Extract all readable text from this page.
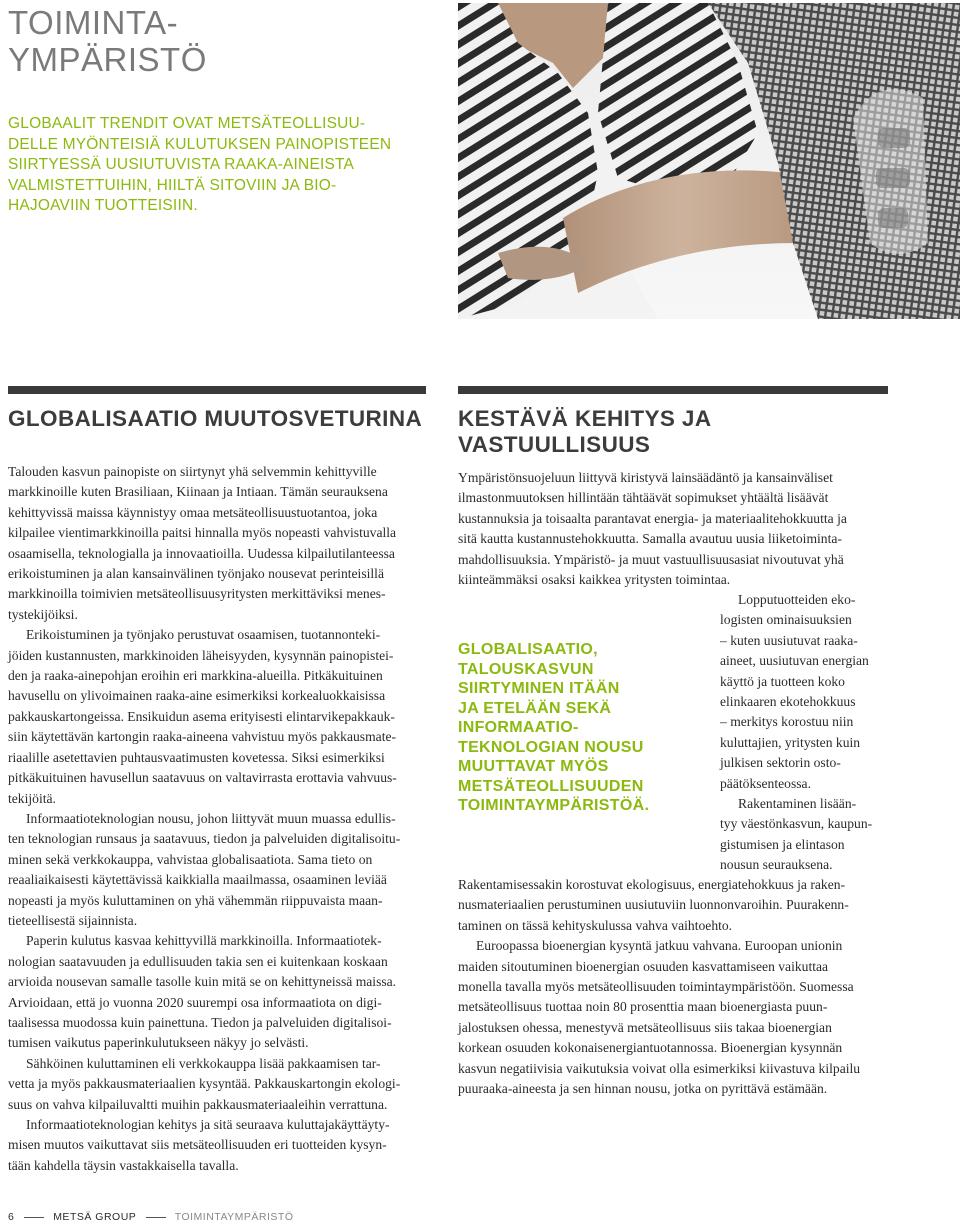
TOIMINTA-
YMPÄRISTÖ

GLOBAALIT TRENDIT OVAT METSÄTEOLLISUU-
DELLE MYÖNTEISIÄ KULUTUKSEN PAINOPISTEEN
SIIRTYESSÄ UUSIUTUVISTA RAAKA-AINEISTA
VALMISTETTUIHIN, HIILTÄ SITOVIIN JA BIO-
HAJOAVIIN TUOTTEISIIN.

GLOBALISAATIO MUUTOSVETURINA
Talouden kasvun painopiste on siirtynyt yhä selvemmin kehittyville
markkinoille kuten Brasiliaan, Kiinaan ja Intiaan. Tämän seurauksena
kehittyvissä maissa käynnistyy omaa metsäteollisuustuotantoa, joka
kilpailee vientimarkkinoilla paitsi hinnalla myös nopeasti vahvistuvalla
osaamisella, teknologialla ja innovaatioilla. Uudessa kilpailutilanteessa
erikoistuminen ja alan kansainvälinen työnjako nousevat perinteisillä
markkinoilla toimivien metsäteollisuusyritysten merkittäviksi menes-
tystekijöiksi.
Erikoistuminen ja työnjako perustuvat osaamisen, tuotannonteki-
jöiden kustannusten, markkinoiden läheisyyden, kysynnän painopistei-
den ja raaka-ainepohjan eroihin eri markkina-alueilla. Pitkäkuituinen
havusellu on ylivoimainen raaka-aine esimerkiksi korkealuokkaisissa
pakkauskartongeissa. Ensikuidun asema erityisesti elintarvikepakkauk-
siin käytettävän kartongin raaka-aineena vahvistuu myös pakkausmate-
riaalille asetettavien puhtausvaatimusten kovetessa. Siksi esimerkiksi
pitkäkuituinen havusellun saatavuus on valtavirrasta erottavia vahvuus-
tekijöitä.
Informaatioteknologian nousu, johon liittyvät muun muassa edullis-
ten teknologian runsaus ja saatavuus, tiedon ja palveluiden digitalisoitu-
minen sekä verkkokauppa, vahvistaa globalisaatiota. Sama tieto on
reaaliaikaisesti käytettävissä kaikkialla maailmassa, osaaminen leviää
nopeasti ja myös kuluttaminen on yhä vähemmän riippuvaista maan-
tieteellisestä sijainnista.
Paperin kulutus kasvaa kehittyvillä markkinoilla. Informaatiotek-
nologian saatavuuden ja edullisuuden takia sen ei kuitenkaan koskaan
arvioida nousevan samalle tasolle kuin mitä se on kehittyneissä maissa.
Arvioidaan, että jo vuonna 2020 suurempi osa informaatiota on digi-
taalisessa muodossa kuin painettuna. Tiedon ja palveluiden digitalisoi-
tumisen vaikutus paperinkulutukseen näkyy jo selvästi.
Sähköinen kuluttaminen eli verkkokauppa lisää pakkaamisen tar-
vetta ja myös pakkausmateriaalien kysyntää. Pakkauskartongin ekologi-
suus on vahva kilpailuvaltti muihin pakkausmateriaaleihin verrattuna.
Informaatioteknologian kehitys ja sitä seuraava kuluttajakäyttäyty-
misen muutos vaikuttavat siis metsäteollisuuden eri tuotteiden kysyn-
tään kahdella täysin vastakkaisella tavalla.
KESTÄVÄ KEHITYS JA
VASTUULLISUUS
Ympäristönsuojeluun liittyvä kiristyvä lainsäädäntö ja kansainväliset
ilmastonmuutoksen hillintään tähtäävät sopimukset yhtäältä lisäävät
kustannuksia ja toisaalta parantavat energia- ja materiaalitehokkuutta ja
sitä kautta kustannustehokkuutta. Samalla avautuu uusia liiketoiminta-
mahdollisuuksia. Ympäristö- ja muut vastuullisuusasiat nivoutuvat yhä
kiinteämmäksi osaksi kaikkea yritysten toimintaa.
GLOBALISAATIO,
TALOUSKASVUN
SIIRTYMINEN ITÄÄN
JA ETELÄÄN SEKÄ
INFORMAATIO-
TEKNOLOGIAN NOUSU
MUUTTAVAT MYÖS
METSÄTEOLLISUUDEN
TOIMINTAYMPÄRISTÖÄ.
Lopputuotteiden eko-
logisten ominaisuuksien
– kuten uusiutuvat raaka-
aineet, uusiutuvan energian
käyttö ja tuotteen koko
elinkaaren ekotehokkuus
– merkitys korostuu niin
kuluttajien, yritysten kuin
julkisen sektorin osto-
päätöksenteossa.
Rakentaminen lisään-
tyy väestönkasvun, kaupun-
gistumisen ja elintason
nousun seurauksena.
Rakentamisessakin korostuvat ekologisuus, energiatehokkuus ja raken-
nusmateriaalien perustuminen uusiutuviin luonnonvaroihin. Puurakenn-
taminen on tässä kehityskulussa vahva vaihtoehto.
Euroopassa bioenergian kysyntä jatkuu vahvana. Euroopan unionin
maiden sitoutuminen bioenergian osuuden kasvattamiseen vaikuttaa
monella tavalla myös metsäteollisuuden toimintaympäristöön. Suomessa
metsäteollisuus tuottaa noin 80 prosenttia maan bioenergiasta puun-
jalostuksen ohessa, menestyvä metsäteollisuus siis takaa bioenergian
korkean osuuden kokonaisenergiantuotannossa. Bioenergian kysynnän
kasvun negatiivisia vaikutuksia voivat olla esimerkiksi kiivastuva kilpailu
puuraaka-aineesta ja sen hinnan nousu, jotka on pyrittävä estämään.
6	METSÄ GROUP	TOIMINTAYMPÄRISTÖ
